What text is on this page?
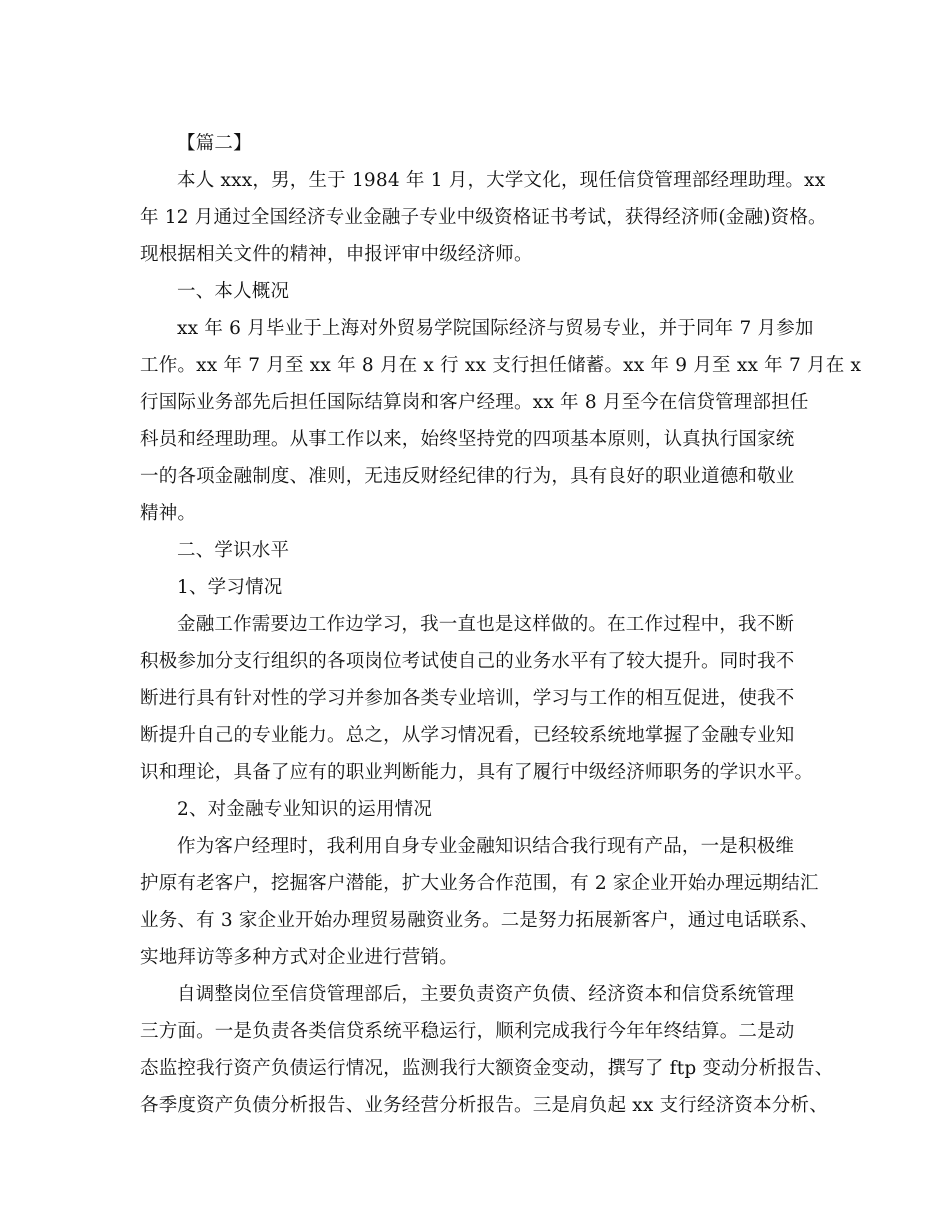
【篇二】
本人 xxx，男，生于 1984 年 1 月，大学文化，现任信贷管理部经理助理。xx
年 12 月通过全国经济专业金融子专业中级资格证书考试，获得经济师(金融)资格。
现根据相关文件的精神，申报评审中级经济师。
一、本人概况
xx 年 6 月毕业于上海对外贸易学院国际经济与贸易专业，并于同年 7 月参加
工作。xx 年 7 月至 xx 年 8 月在 x 行 xx 支行担任储蓄。xx 年 9 月至 xx 年 7 月在 x
行国际业务部先后担任国际结算岗和客户经理。xx 年 8 月至今在信贷管理部担任
科员和经理助理。从事工作以来，始终坚持党的四项基本原则，认真执行国家统
一的各项金融制度、准则，无违反财经纪律的行为，具有良好的职业道德和敬业
精神。
二、学识水平
1、学习情况
金融工作需要边工作边学习，我一直也是这样做的。在工作过程中，我不断
积极参加分支行组织的各项岗位考试使自己的业务水平有了较大提升。同时我不
断进行具有针对性的学习并参加各类专业培训，学习与工作的相互促进，使我不
断提升自己的专业能力。总之，从学习情况看，已经较系统地掌握了金融专业知
识和理论，具备了应有的职业判断能力，具有了履行中级经济师职务的学识水平。
2、对金融专业知识的运用情况
作为客户经理时，我利用自身专业金融知识结合我行现有产品，一是积极维
护原有老客户，挖掘客户潜能，扩大业务合作范围，有 2 家企业开始办理远期结汇
业务、有 3 家企业开始办理贸易融资业务。二是努力拓展新客户，通过电话联系、
实地拜访等多种方式对企业进行营销。
自调整岗位至信贷管理部后，主要负责资产负债、经济资本和信贷系统管理
三方面。一是负责各类信贷系统平稳运行，顺利完成我行今年年终结算。二是动
态监控我行资产负债运行情况，监测我行大额资金变动，撰写了 ftp 变动分析报告、
各季度资产负债分析报告、业务经营分析报告。三是肩负起 xx 支行经济资本分析、
